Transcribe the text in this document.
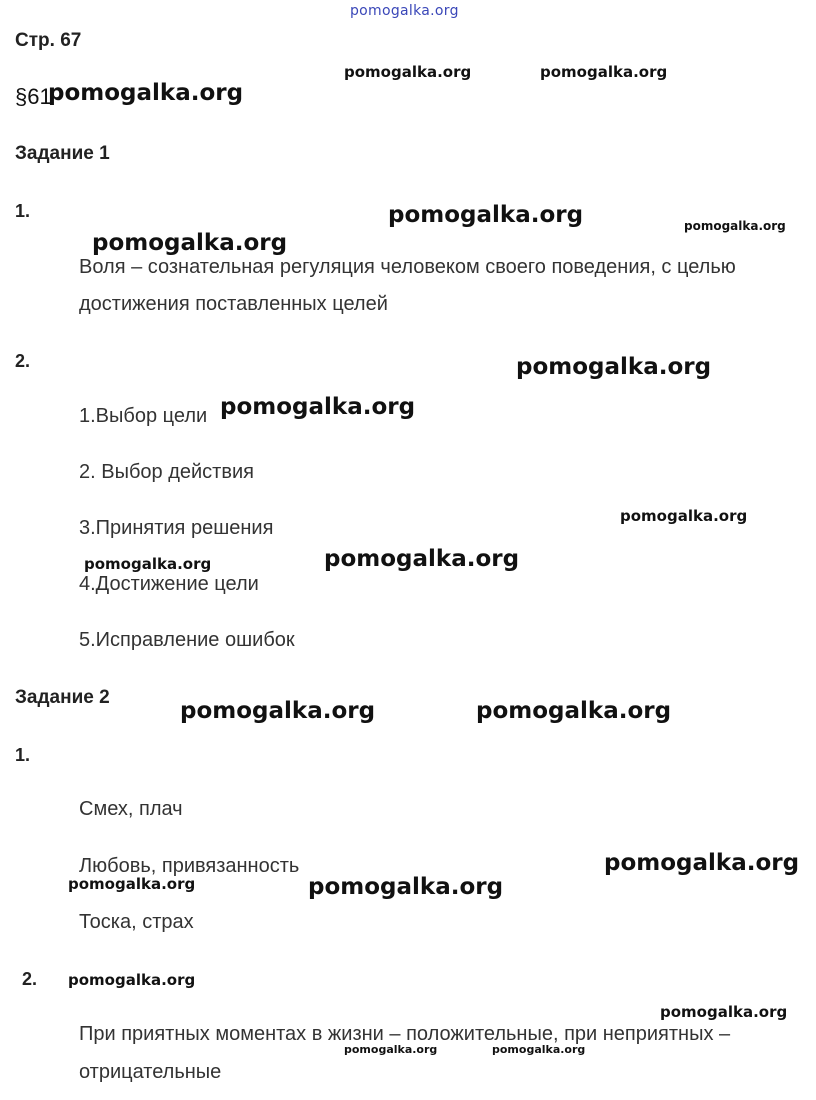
pomogalka.org
Стр. 67
§61
pomogalka.org
Задание 1
1.
Воля – сознательная регуляция человеком своего поведения, с целью
достижения поставленных целей
2.
1.Выбор цели
2. Выбор действия
3.Принятия решения
4.Достижение цели
5.Исправление ошибок
Задание 2
1.
Смех, плач
Любовь, привязанность
Тоска, страх
2.
При приятных моментах в жизни – положительные, при неприятных –
отрицательные
pomogalka.org	pomogalka.org
pomogalka.org	pomogalka.org
pomogalka.org
pomogalka.org
pomogalka.org
pomogalka.org
pomogalka.org	pomogalka.org
pomogalka.org	pomogalka.org
pomogalka.org
pomogalka.org	pomogalka.org
pomogalka.org
pomogalka.org
pomogalka.org	pomogalka.org
